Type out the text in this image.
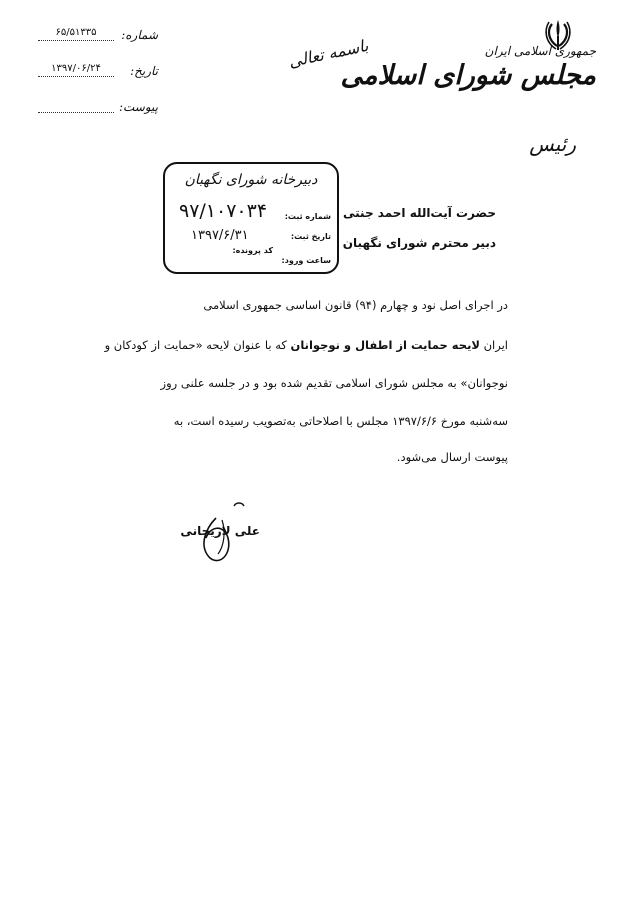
شماره:
۶۵/۵۱۳۳۵
تاریخ:
۱۳۹۷/۰۶/۲۴
پیوست:
باسمه تعالی	جمهوری اسلامی ایران
مجلس شورای اسلامی
رئیس
دبیرخانه شورای نگهبان
شماره ثبت:
۹۷/۱۰۷۰۳۴
تاریخ ثبت:
۱۳۹۷/۶/۳۱
کد پرونده:
ساعت ورود:
حضرت آیت‌الله احمد جنتی
دبیر محترم شورای نگهبان
در اجرای اصل نود و چهارم (۹۴) قانون اساسی جمهوری اسلامی
ایران لایحه حمایت از اطفال و نوجوانان که با عنوان لایحه «حمایت از کودکان و
نوجوانان» به مجلس شورای اسلامی تقدیم شده بود و در جلسه علنی روز
سه‌شنبه مورخ ۱۳۹۷/۶/۶ مجلس با اصلاحاتی به‌تصویب رسیده است، به
پیوست ارسال می‌شود.
علی لاریجانی
